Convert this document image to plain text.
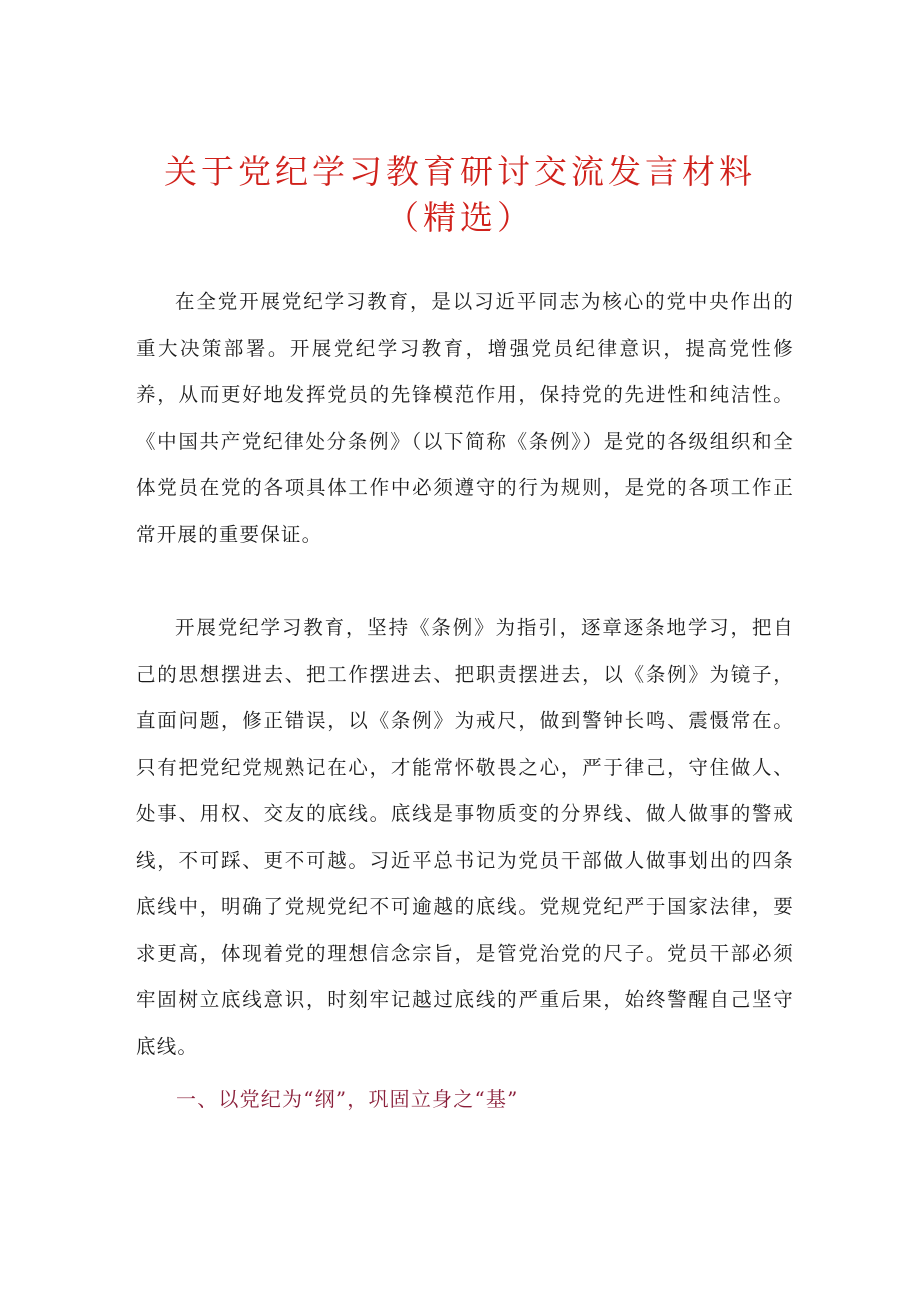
关于党纪学习教育研讨交流发言材料
（精选）

在全党开展党纪学习教育，是以习近平同志为核心的党中央作出的重大决策部署。开展党纪学习教育，增强党员纪律意识，提高党性修养，从而更好地发挥党员的先锋模范作用，保持党的先进性和纯洁性。《中国共产党纪律处分条例》（以下简称《条例》）是党的各级组织和全体党员在党的各项具体工作中必须遵守的行为规则，是党的各项工作正常开展的重要保证。

开展党纪学习教育，坚持《条例》为指引，逐章逐条地学习，把自己的思想摆进去、把工作摆进去、把职责摆进去，以《条例》为镜子，直面问题，修正错误，以《条例》为戒尺，做到警钟长鸣、震慑常在。只有把党纪党规熟记在心，才能常怀敬畏之心，严于律己，守住做人、处事、用权、交友的底线。底线是事物质变的分界线、做人做事的警戒线，不可踩、更不可越。习近平总书记为党员干部做人做事划出的四条底线中，明确了党规党纪不可逾越的底线。党规党纪严于国家法律，要求更高，体现着党的理想信念宗旨，是管党治党的尺子。党员干部必须牢固树立底线意识，时刻牢记越过底线的严重后果，始终警醒自己坚守底线。

一、以党纪为“纲”，巩固立身之“基”
